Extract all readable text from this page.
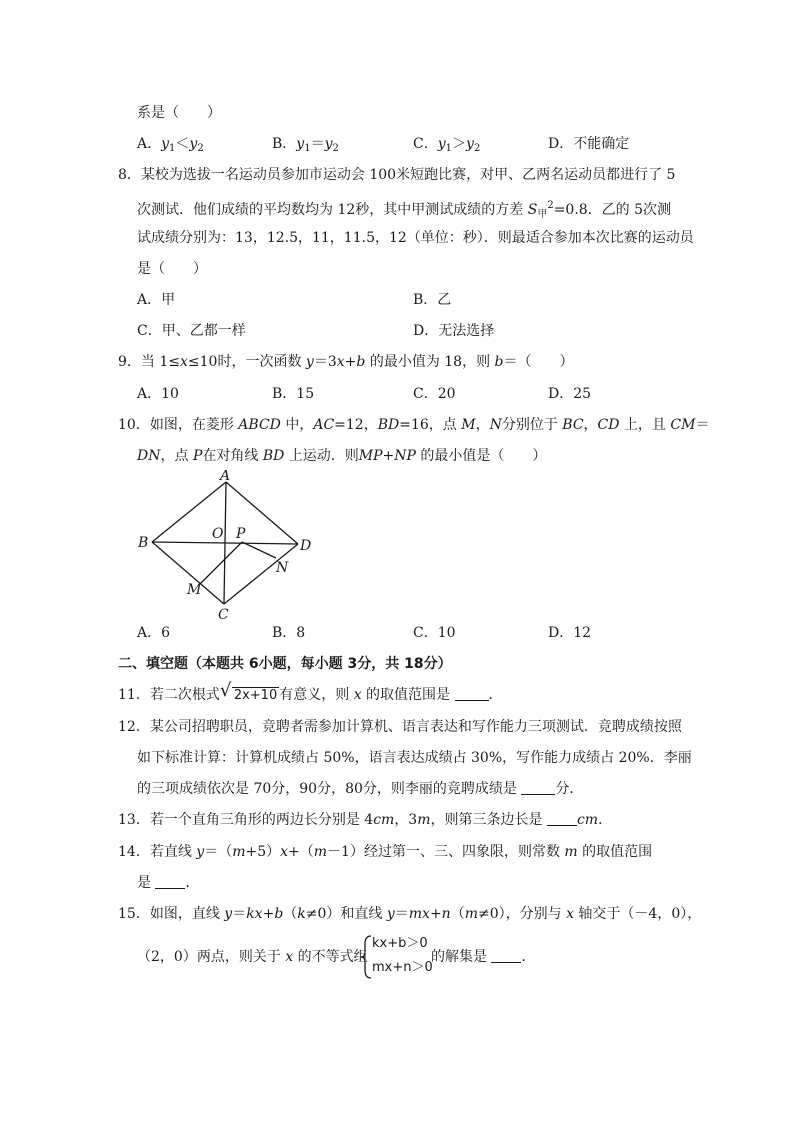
系是（　　）
A．$y_1<y_2$	B．$y_1=y_2$	C．$y_1>y_2$	D．不能确定
8．某校为选拔一名运动员参加市运动会 100米短跑比赛，对甲、乙两名运动员都进行了 5
次测试．他们成绩的平均数均为 12秒，其中甲测试成绩的方差 $S_甲^2=0.8$．乙的 5次测
试成绩分别为：13，12.5，11，11.5，12（单位：秒）．则最适合参加本次比赛的运动员
是（　　）
A．甲	B．乙
C．甲、乙都一样	D．无法选择
9．当 1≤x≤10时，一次函数 y＝3x+b 的最小值为 18，则 b＝（　　）
A．10	B．15	C．20	D．25
10．如图，在菱形 ABCD 中，AC=12，BD=16，点 M，N分别位于 BC，CD 上，且 CM＝
DN，点 P在对角线 BD 上运动．则MP+NP 的最小值是（　　）
A
B
C
D
O P
M
N
A．6	B．8	C．10	D．12
二、填空题（本题共 6小题，每小题 3分，共 18分）
11．若二次根式 √ 2x+10 有意义，则 x 的取值范围是 ．
12．某公司招聘职员，竞聘者需参加计算机、语言表达和写作能力三项测试．竞聘成绩按照
如下标准计算：计算机成绩占 50%，语言表达成绩占 30%，写作能力成绩占 20%．李丽
的三项成绩依次是 70分，90分，80分，则李丽的竞聘成绩是 分．
13．若一个直角三角形的两边长分别是 4cm，3m，则第三条边长是 cm．
14．若直线 y＝（m+5）x+（m－1）经过第一、三、四象限，则常数 m 的取值范围
是 ．
15．如图，直线 y＝kx+b（k≠0）和直线 y＝mx+n（m≠0），分别与 x 轴交于（－4，0），
（2，0）两点，则关于 x 的不等式组
kx+b＞0
mx+n＞0
的解集是 ．
